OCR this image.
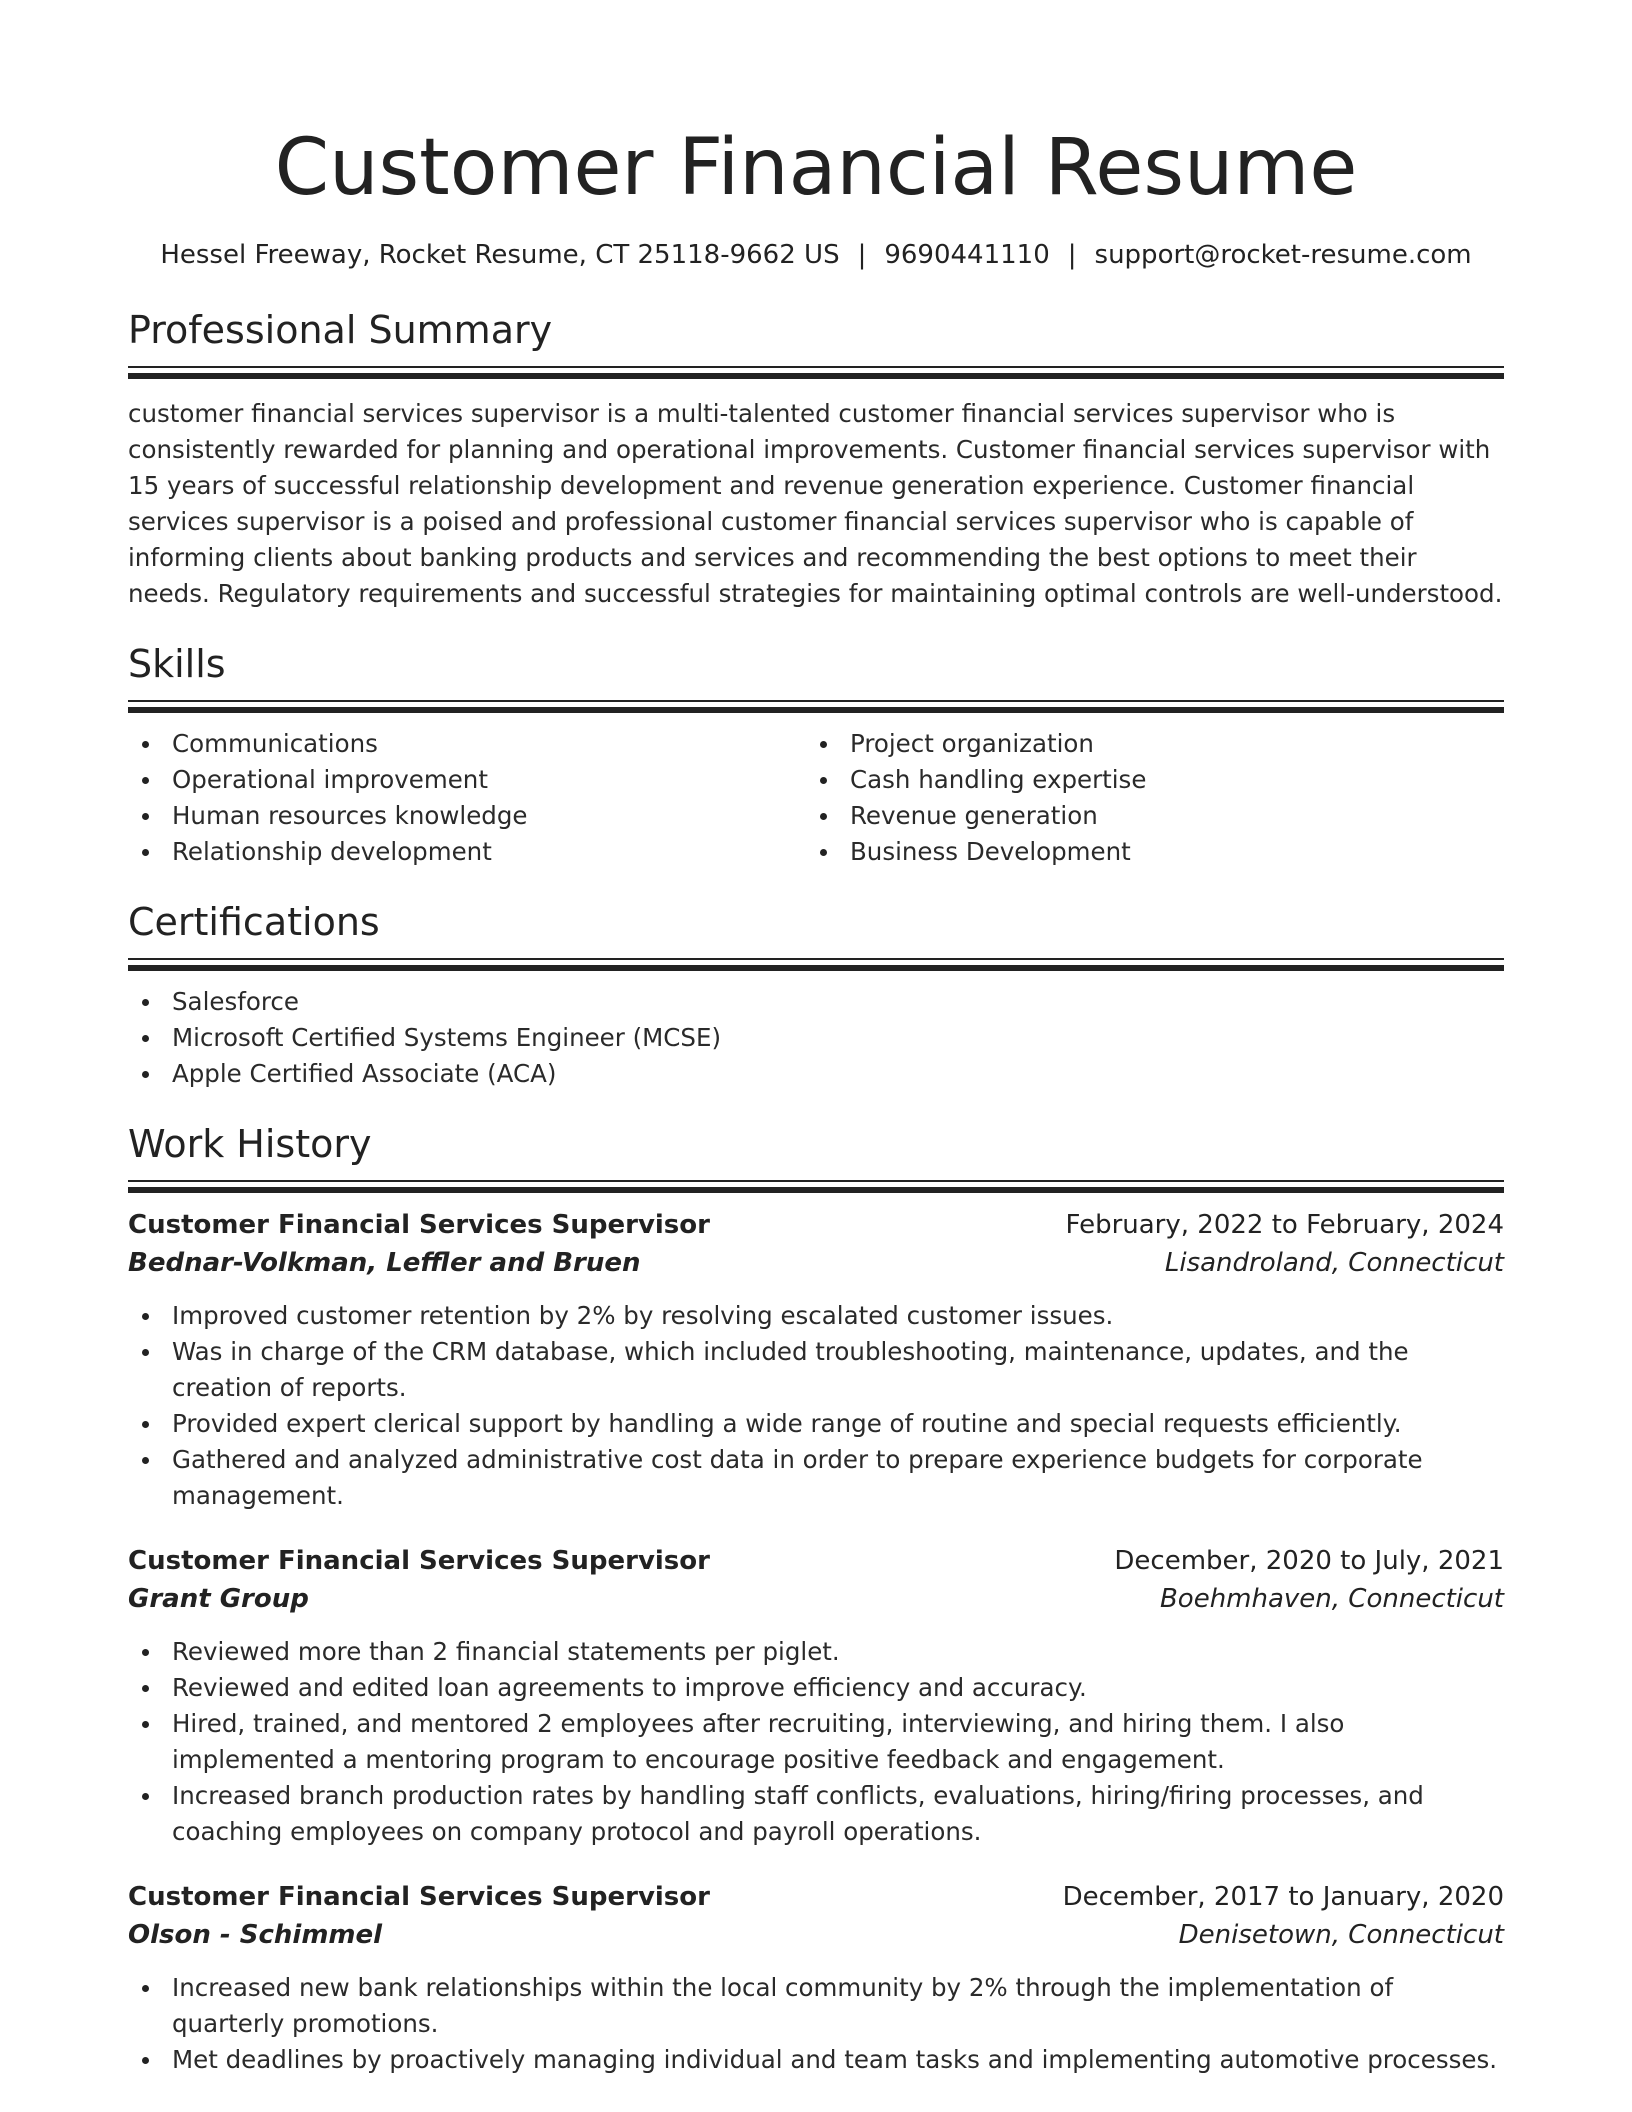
Customer Financial Resume
Hessel Freeway, Rocket Resume, CT 25118-9662 US | 9690441110 | support@rocket-resume.com
Professional Summary

customer financial services supervisor is a multi-talented customer financial services supervisor who is consistently rewarded for planning and operational improvements. Customer financial services supervisor with 15 years of successful relationship development and revenue generation experience. Customer financial services supervisor is a poised and professional customer financial services supervisor who is capable of informing clients about banking products and services and recommending the best options to meet their needs. Regulatory requirements and successful strategies for maintaining optimal controls are well-understood.

Skills
Communications
Operational improvement
Human resources knowledge
Relationship development
Project organization
Cash handling expertise
Revenue generation
Business Development
Certifications
Salesforce
Microsoft Certified Systems Engineer (MCSE)
Apple Certified Associate (ACA)
Work History
Customer Financial Services Supervisor	February, 2022 to February, 2024
Bednar-Volkman, Leffler and Bruen	Lisandroland, Connecticut
Improved customer retention by 2% by resolving escalated customer issues.
Was in charge of the CRM database, which included troubleshooting, maintenance, updates, and the creation of reports.
Provided expert clerical support by handling a wide range of routine and special requests efficiently.
Gathered and analyzed administrative cost data in order to prepare experience budgets for corporate management.
Customer Financial Services Supervisor	December, 2020 to July, 2021
Grant Group	Boehmhaven, Connecticut
Reviewed more than 2 financial statements per piglet.
Reviewed and edited loan agreements to improve efficiency and accuracy.
Hired, trained, and mentored 2 employees after recruiting, interviewing, and hiring them. I also implemented a mentoring program to encourage positive feedback and engagement.
Increased branch production rates by handling staff conflicts, evaluations, hiring/firing processes, and coaching employees on company protocol and payroll operations.
Customer Financial Services Supervisor	December, 2017 to January, 2020
Olson - Schimmel	Denisetown, Connecticut
Increased new bank relationships within the local community by 2% through the implementation of quarterly promotions.
Met deadlines by proactively managing individual and team tasks and implementing automotive processes.
